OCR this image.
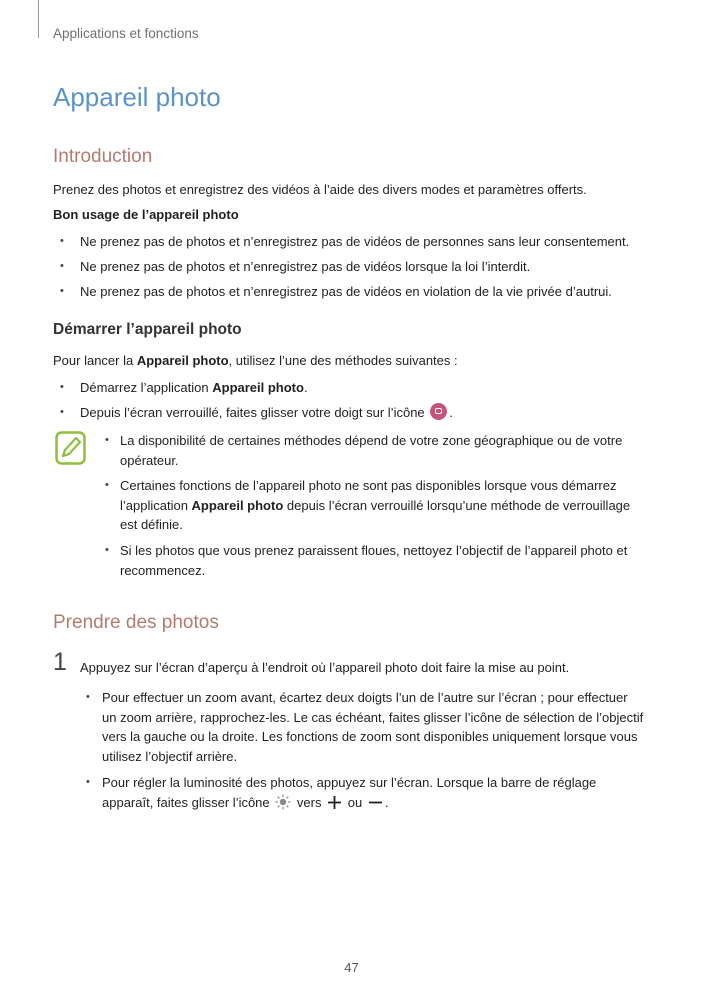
Applications et fonctions
Appareil photo
Introduction
Prenez des photos et enregistrez des vidéos à l’aide des divers modes et paramètres offerts.
Bon usage de l’appareil photo
• Ne prenez pas de photos et n’enregistrez pas de vidéos de personnes sans leur consentement.
• Ne prenez pas de photos et n’enregistrez pas de vidéos lorsque la loi l’interdit.
• Ne prenez pas de photos et n’enregistrez pas de vidéos en violation de la vie privée d’autrui.
Démarrer l’appareil photo
Pour lancer la Appareil photo, utilisez l’une des méthodes suivantes :
• Démarrez l’application Appareil photo.
• Depuis l’écran verrouillé, faites glisser votre doigt sur l’icône .
• La disponibilité de certaines méthodes dépend de votre zone géographique ou de votre
opérateur.
• Certaines fonctions de l’appareil photo ne sont pas disponibles lorsque vous démarrez
l’application Appareil photo depuis l’écran verrouillé lorsqu’une méthode de verrouillage
est définie.
• Si les photos que vous prenez paraissent floues, nettoyez l’objectif de l’appareil photo et
recommencez.
Prendre des photos
1 Appuyez sur l’écran d’aperçu à l’endroit où l’appareil photo doit faire la mise au point.
• Pour effectuer un zoom avant, écartez deux doigts l’un de l’autre sur l’écran ; pour effectuer
un zoom arrière, rapprochez-les. Le cas échéant, faites glisser l’icône de sélection de l’objectif
vers la gauche ou la droite. Les fonctions de zoom sont disponibles uniquement lorsque vous
utilisez l’objectif arrière.
• Pour régler la luminosité des photos, appuyez sur l’écran. Lorsque la barre de réglage
apparaît, faites glisser l’icône vers ou .
47
